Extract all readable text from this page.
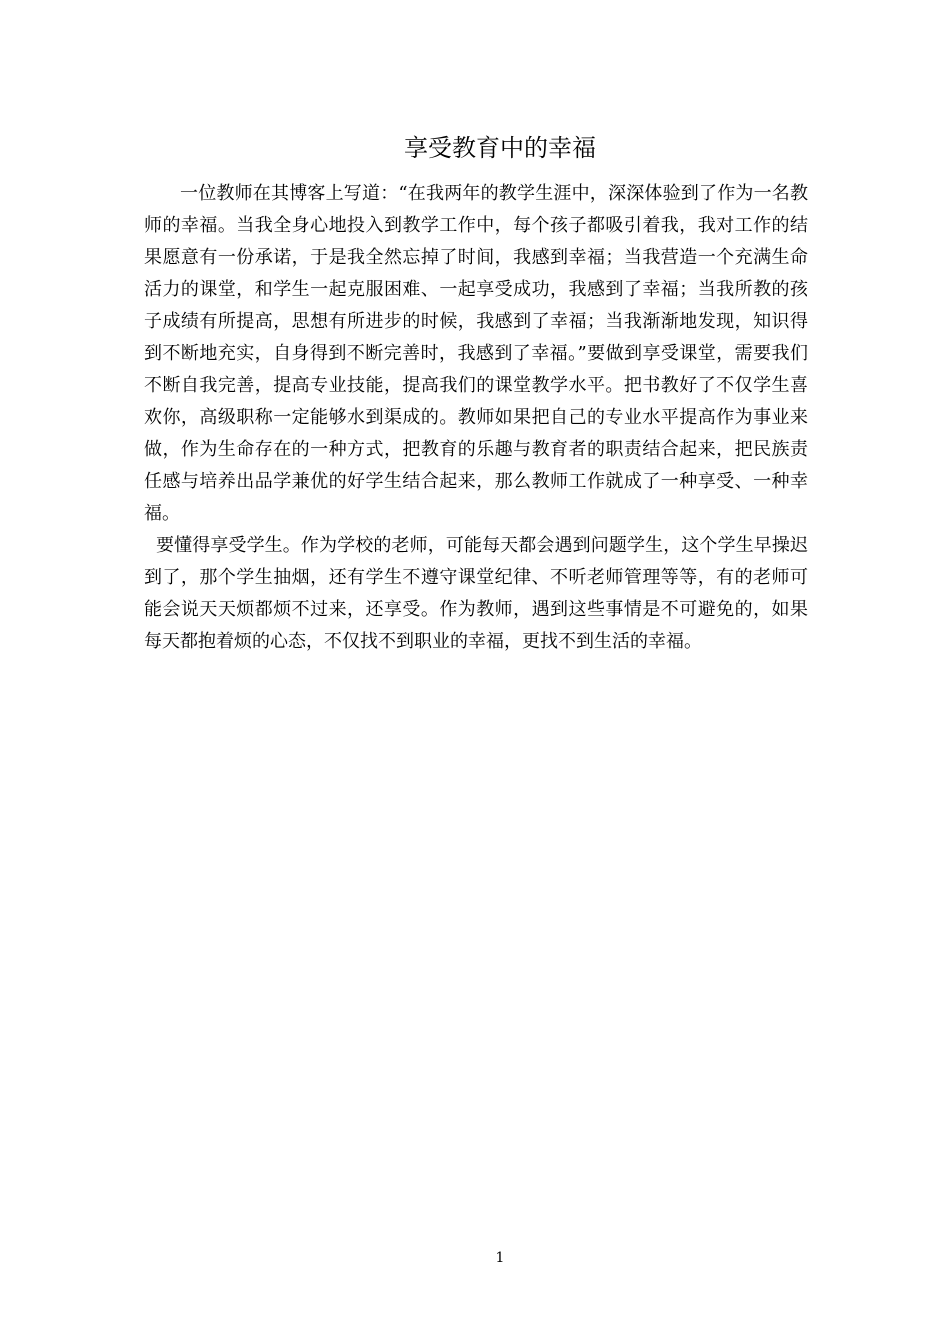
享受教育中的幸福

一位教师在其博客上写道：“在我两年的教学生涯中，深深体验到了作为一名教师的幸福。当我全身心地投入到教学工作中，每个孩子都吸引着我，我对工作的结果愿意有一份承诺，于是我全然忘掉了时间，我感到幸福；当我营造一个充满生命活力的课堂，和学生一起克服困难、一起享受成功，我感到了幸福；当我所教的孩子成绩有所提高，思想有所进步的时候，我感到了幸福；当我渐渐地发现，知识得到不断地充实，自身得到不断完善时，我感到了幸福。”要做到享受课堂，需要我们不断自我完善，提高专业技能，提高我们的课堂教学水平。把书教好了不仅学生喜欢你，高级职称一定能够水到渠成的。教师如果把自己的专业水平提高作为事业来做，作为生命存在的一种方式，把教育的乐趣与教育者的职责结合起来，把民族责任感与培养出品学兼优的好学生结合起来，那么教师工作就成了一种享受、一种幸福。

要懂得享受学生。作为学校的老师，可能每天都会遇到问题学生，这个学生早操迟到了，那个学生抽烟，还有学生不遵守课堂纪律、不听老师管理等等，有的老师可能会说天天烦都烦不过来，还享受。作为教师，遇到这些事情是不可避免的，如果每天都抱着烦的心态，不仅找不到职业的幸福，更找不到生活的幸福。

1
